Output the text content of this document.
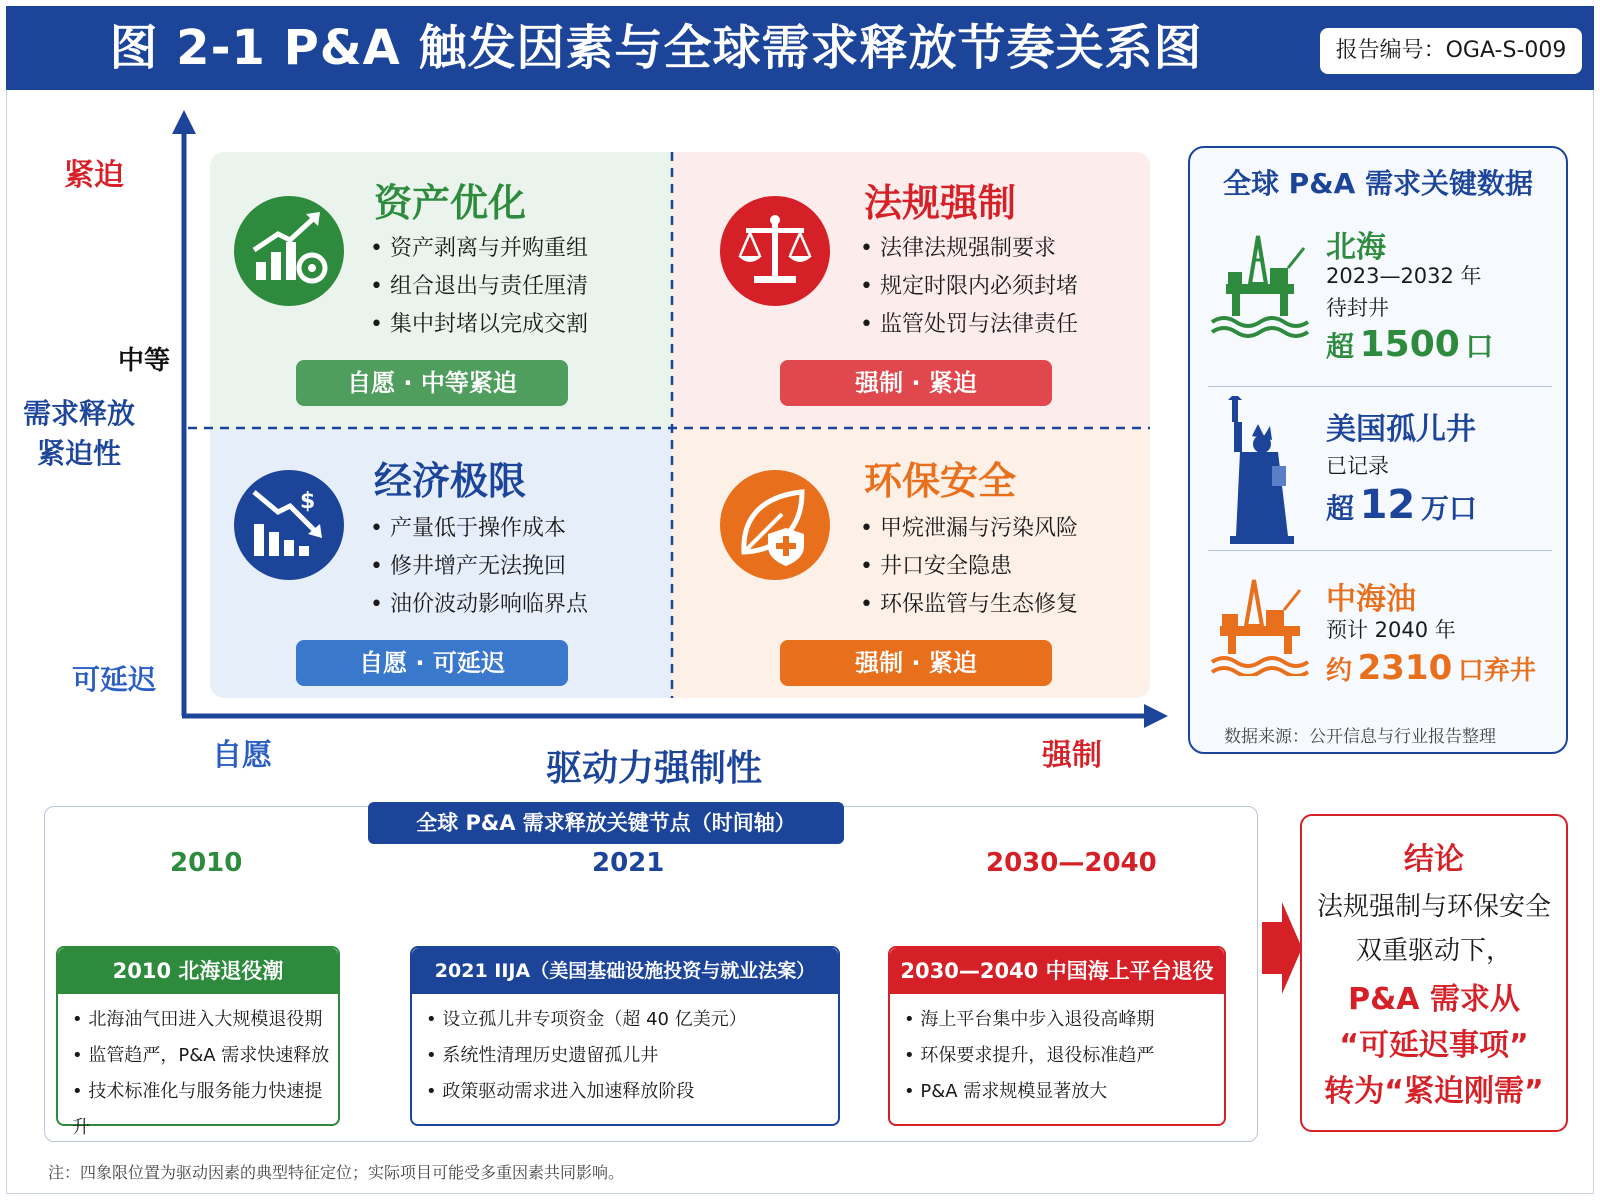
图 2-1 P&A 触发因素与全球需求释放节奏关系图	报告编号：OGA-S-009
紧迫
中等
需求释放紧迫性
可延迟
自愿	驱动力强制性	强制
资产优化
• 资产剥离与并购重组
• 组合退出与责任厘清
• 集中封堵以完成交割
自愿 · 中等紧迫
法规强制
• 法律法规强制要求
• 规定时限内必须封堵
• 监管处罚与法律责任
强制 · 紧迫
$ 经济极限
• 产量低于操作成本
• 修井增产无法挽回
• 油价波动影响临界点
自愿 · 可延迟
环保安全
• 甲烷泄漏与污染风险
• 井口安全隐患
• 环保监管与生态修复
强制 · 紧迫
全球 P&A 需求关键数据
北海
2023—2032 年
待封井
超 1500 口
美国孤儿井
已记录
超 12 万口
中海油
预计 2040 年
约 2310 口弃井
数据来源：公开信息与行业报告整理
全球 P&A 需求释放关键节点（时间轴）
2010	2021	2030—2040
2010 北海退役潮
• 北海油气田进入大规模退役期
• 监管趋严，P&A 需求快速释放
• 技术标准化与服务能力快速提升
2021 IIJA（美国基础设施投资与就业法案）
• 设立孤儿井专项资金（超 40 亿美元）
• 系统性清理历史遗留孤儿井
• 政策驱动需求进入加速释放阶段
2030—2040 中国海上平台退役
• 海上平台集中步入退役高峰期
• 环保要求提升，退役标准趋严
• P&A 需求规模显著放大
结论
法规强制与环保安全
双重驱动下，
P&A 需求从
“可延迟事项”
转为“紧迫刚需”
注：四象限位置为驱动因素的典型特征定位；实际项目可能受多重因素共同影响。
